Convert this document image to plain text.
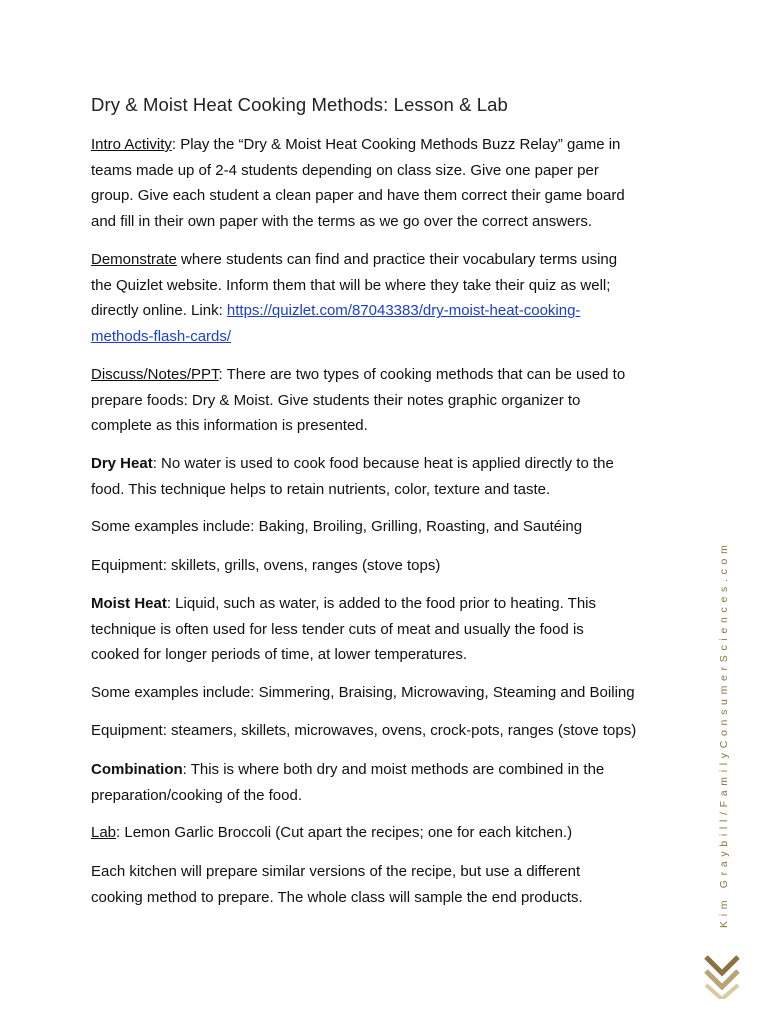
Dry & Moist Heat Cooking Methods: Lesson & Lab
Intro Activity: Play the “Dry & Moist Heat Cooking Methods Buzz Relay” game in
teams made up of 2-4 students depending on class size. Give one paper per
group. Give each student a clean paper and have them correct their game board
and fill in their own paper with the terms as we go over the correct answers.
Demonstrate where students can find and practice their vocabulary terms using
the Quizlet website. Inform them that will be where they take their quiz as well;
directly online. Link: https://quizlet.com/87043383/dry-moist-heat-cooking-
methods-flash-cards/
Discuss/Notes/PPT: There are two types of cooking methods that can be used to
prepare foods: Dry & Moist. Give students their notes graphic organizer to
complete as this information is presented.
Dry Heat: No water is used to cook food because heat is applied directly to the
food. This technique helps to retain nutrients, color, texture and taste.
Some examples include: Baking, Broiling, Grilling, Roasting, and Sautéing
Equipment: skillets, grills, ovens, ranges (stove tops)
Moist Heat: Liquid, such as water, is added to the food prior to heating. This
technique is often used for less tender cuts of meat and usually the food is
cooked for longer periods of time, at lower temperatures.
Some examples include: Simmering, Braising, Microwaving, Steaming and Boiling
Equipment: steamers, skillets, microwaves, ovens, crock-pots, ranges (stove tops)
Combination: This is where both dry and moist methods are combined in the
preparation/cooking of the food.
Lab: Lemon Garlic Broccoli (Cut apart the recipes; one for each kitchen.)
Each kitchen will prepare similar versions of the recipe, but use a different
cooking method to prepare. The whole class will sample the end products.	Kim Graybill/FamilyConsumerSciences.com
